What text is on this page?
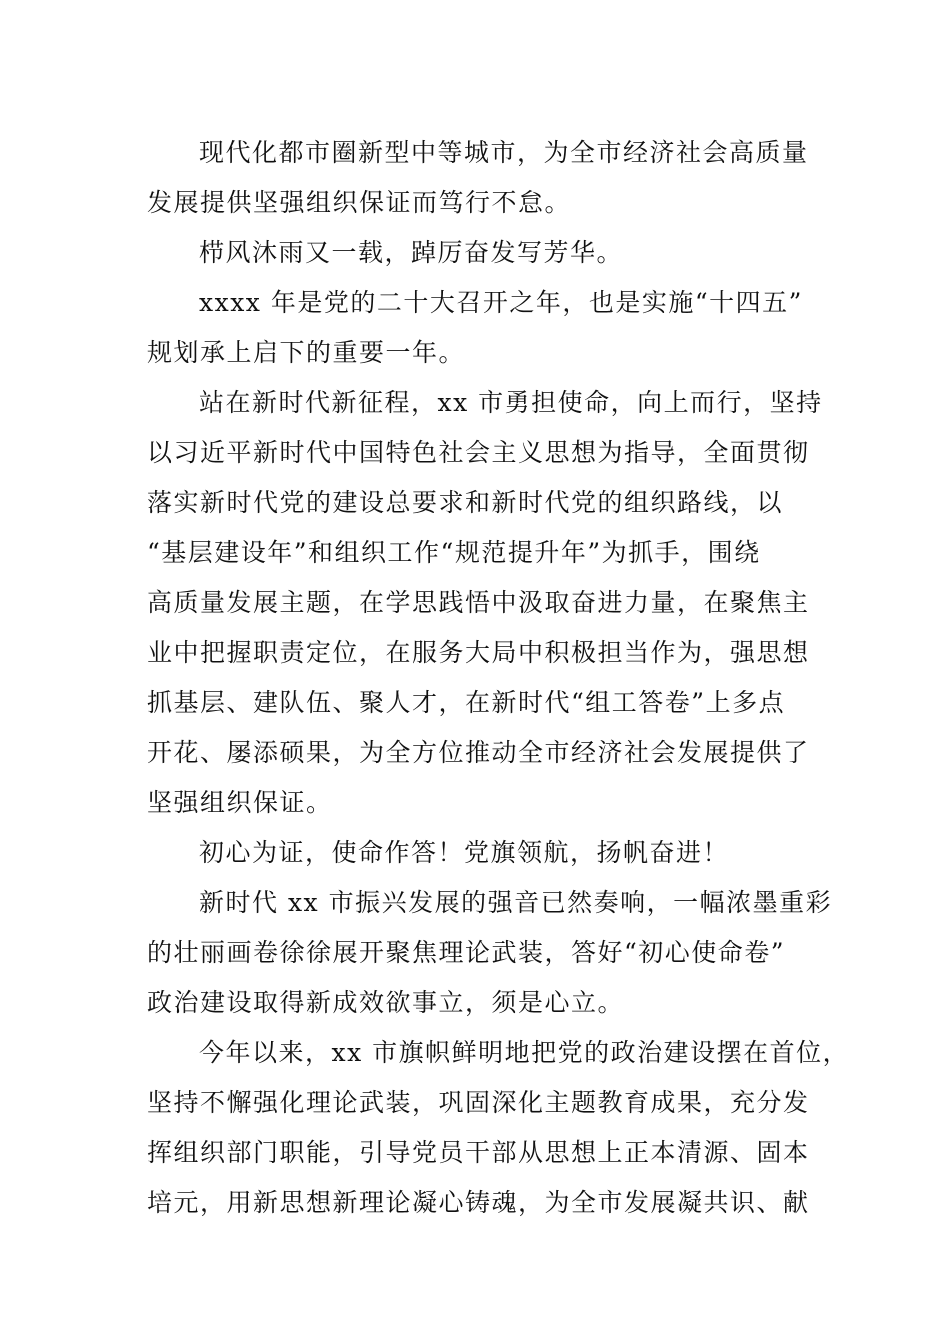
现代化都市圈新型中等城市，为全市经济社会高质量
发展提供坚强组织保证而笃行不怠。

栉风沐雨又一载，踔厉奋发写芳华。

xxxx 年是党的二十大召开之年，也是实施“十四五”
规划承上启下的重要一年。

站在新时代新征程，xx 市勇担使命，向上而行，坚持
以习近平新时代中国特色社会主义思想为指导，全面贯彻
落实新时代党的建设总要求和新时代党的组织路线，以
“基层建设年”和组织工作“规范提升年”为抓手，围绕
高质量发展主题，在学思践悟中汲取奋进力量，在聚焦主
业中把握职责定位，在服务大局中积极担当作为，强思想
抓基层、建队伍、聚人才，在新时代“组工答卷”上多点
开花、屡添硕果，为全方位推动全市经济社会发展提供了
坚强组织保证。

初心为证，使命作答！党旗领航，扬帆奋进！

新时代 xx 市振兴发展的强音已然奏响，一幅浓墨重彩
的壮丽画卷徐徐展开聚焦理论武装，答好“初心使命卷”
政治建设取得新成效欲事立，须是心立。

今年以来，xx 市旗帜鲜明地把党的政治建设摆在首位，
坚持不懈强化理论武装，巩固深化主题教育成果，充分发
挥组织部门职能，引导党员干部从思想上正本清源、固本
培元，用新思想新理论凝心铸魂，为全市发展凝共识、献
